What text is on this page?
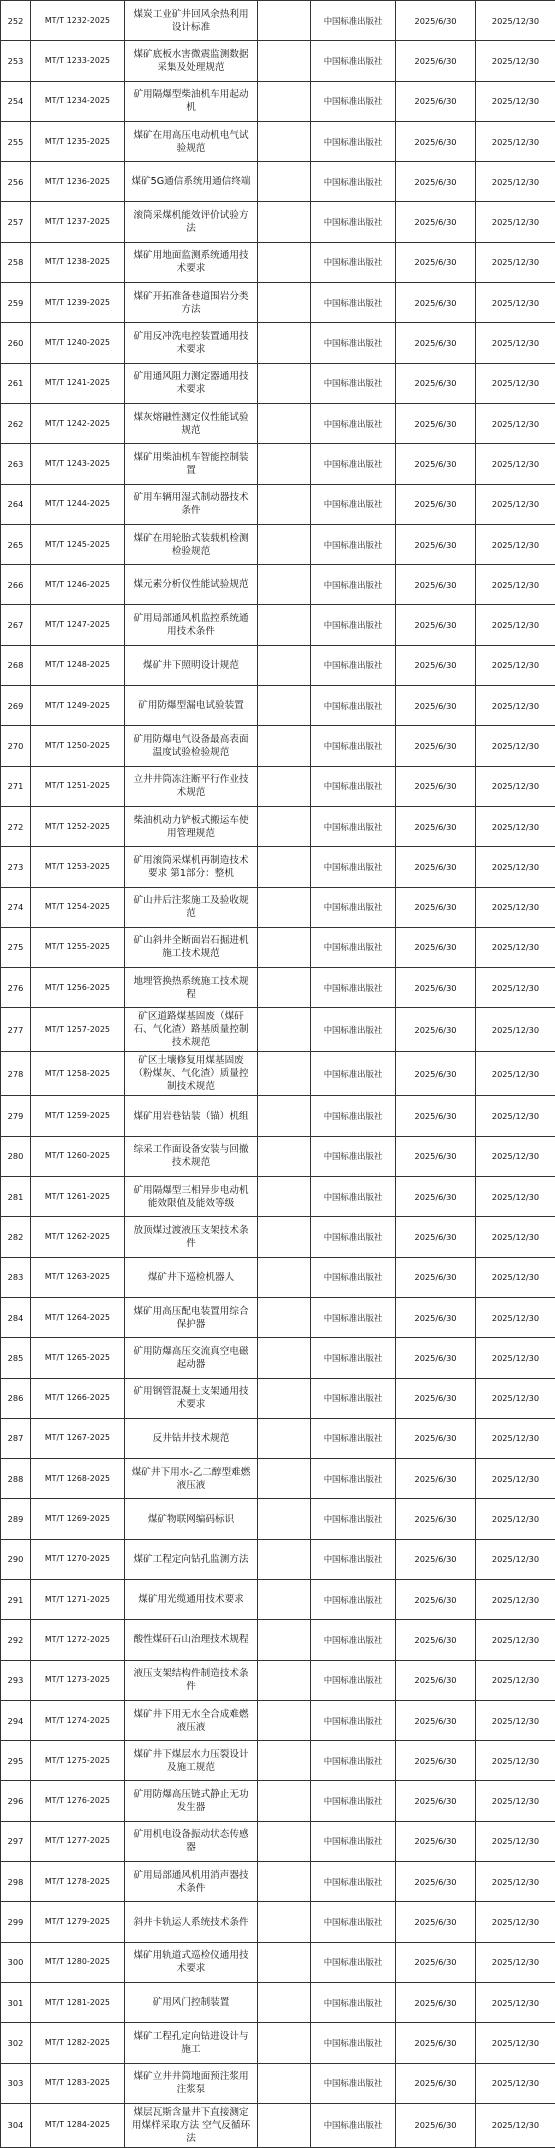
252	MT/T 1232-2025	煤炭工业矿井回风余热利用设计标准		中国标准出版社	2025/6/30	2025/12/30
253	MT/T 1233-2025	煤矿底板水害微震监测数据采集及处理规范		中国标准出版社	2025/6/30	2025/12/30
254	MT/T 1234-2025	矿用隔爆型柴油机车用起动机		中国标准出版社	2025/6/30	2025/12/30
255	MT/T 1235-2025	煤矿在用高压电动机电气试验规范		中国标准出版社	2025/6/30	2025/12/30
256	MT/T 1236-2025	煤矿5G通信系统用通信终端		中国标准出版社	2025/6/30	2025/12/30
257	MT/T 1237-2025	滚筒采煤机能效评价试验方法		中国标准出版社	2025/6/30	2025/12/30
258	MT/T 1238-2025	煤矿用地面监测系统通用技术要求		中国标准出版社	2025/6/30	2025/12/30
259	MT/T 1239-2025	煤矿开拓准备巷道围岩分类方法		中国标准出版社	2025/6/30	2025/12/30
260	MT/T 1240-2025	矿用反冲洗电控装置通用技术要求		中国标准出版社	2025/6/30	2025/12/30
261	MT/T 1241-2025	矿用通风阻力测定器通用技术要求		中国标准出版社	2025/6/30	2025/12/30
262	MT/T 1242-2025	煤灰熔融性测定仪性能试验规范		中国标准出版社	2025/6/30	2025/12/30
263	MT/T 1243-2025	煤矿用柴油机车智能控制装置		中国标准出版社	2025/6/30	2025/12/30
264	MT/T 1244-2025	矿用车辆用湿式制动器技术条件		中国标准出版社	2025/6/30	2025/12/30
265	MT/T 1245-2025	煤矿在用轮胎式装载机检测检验规范		中国标准出版社	2025/6/30	2025/12/30
266	MT/T 1246-2025	煤元素分析仪性能试验规范		中国标准出版社	2025/6/30	2025/12/30
267	MT/T 1247-2025	矿用局部通风机监控系统通用技术条件		中国标准出版社	2025/6/30	2025/12/30
268	MT/T 1248-2025	煤矿井下照明设计规范		中国标准出版社	2025/6/30	2025/12/30
269	MT/T 1249-2025	矿用防爆型漏电试验装置		中国标准出版社	2025/6/30	2025/12/30
270	MT/T 1250-2025	矿用防爆电气设备最高表面温度试验检验规范		中国标准出版社	2025/6/30	2025/12/30
271	MT/T 1251-2025	立井井筒冻注断平行作业技术规范		中国标准出版社	2025/6/30	2025/12/30
272	MT/T 1252-2025	柴油机动力铲板式搬运车使用管理规范		中国标准出版社	2025/6/30	2025/12/30
273	MT/T 1253-2025	矿用滚筒采煤机再制造技术要求 第1部分：整机		中国标准出版社	2025/6/30	2025/12/30
274	MT/T 1254-2025	矿山井后注浆施工及验收规范		中国标准出版社	2025/6/30	2025/12/30
275	MT/T 1255-2025	矿山斜井全断面岩石掘进机施工技术规范		中国标准出版社	2025/6/30	2025/12/30
276	MT/T 1256-2025	地埋管换热系统施工技术规程		中国标准出版社	2025/6/30	2025/12/30
277	MT/T 1257-2025	矿区道路煤基固废（煤矸石、气化渣）路基质量控制技术规范		中国标准出版社	2025/6/30	2025/12/30
278	MT/T 1258-2025	矿区土壤修复用煤基固废（粉煤灰、气化渣）质量控制技术规范		中国标准出版社	2025/6/30	2025/12/30
279	MT/T 1259-2025	煤矿用岩巷钻装（锚）机组		中国标准出版社	2025/6/30	2025/12/30
280	MT/T 1260-2025	综采工作面设备安装与回撤技术规范		中国标准出版社	2025/6/30	2025/12/30
281	MT/T 1261-2025	矿用隔爆型三相异步电动机能效限值及能效等级		中国标准出版社	2025/6/30	2025/12/30
282	MT/T 1262-2025	放顶煤过渡液压支架技术条件		中国标准出版社	2025/6/30	2025/12/30
283	MT/T 1263-2025	煤矿井下巡检机器人		中国标准出版社	2025/6/30	2025/12/30
284	MT/T 1264-2025	煤矿用高压配电装置用综合保护器		中国标准出版社	2025/6/30	2025/12/30
285	MT/T 1265-2025	矿用防爆高压交流真空电磁起动器		中国标准出版社	2025/6/30	2025/12/30
286	MT/T 1266-2025	矿用钢管混凝土支架通用技术要求		中国标准出版社	2025/6/30	2025/12/30
287	MT/T 1267-2025	反井钻井技术规范		中国标准出版社	2025/6/30	2025/12/30
288	MT/T 1268-2025	煤矿井下用水-乙二醇型难燃液压液		中国标准出版社	2025/6/30	2025/12/30
289	MT/T 1269-2025	煤矿物联网编码标识		中国标准出版社	2025/6/30	2025/12/30
290	MT/T 1270-2025	煤矿工程定向钻孔监测方法		中国标准出版社	2025/6/30	2025/12/30
291	MT/T 1271-2025	煤矿用光缆通用技术要求		中国标准出版社	2025/6/30	2025/12/30
292	MT/T 1272-2025	酸性煤矸石山治理技术规程		中国标准出版社	2025/6/30	2025/12/30
293	MT/T 1273-2025	液压支架结构件制造技术条件		中国标准出版社	2025/6/30	2025/12/30
294	MT/T 1274-2025	煤矿井下用无水全合成难燃液压液		中国标准出版社	2025/6/30	2025/12/30
295	MT/T 1275-2025	煤矿井下煤层水力压裂设计及施工规范		中国标准出版社	2025/6/30	2025/12/30
296	MT/T 1276-2025	矿用防爆高压链式静止无功发生器		中国标准出版社	2025/6/30	2025/12/30
297	MT/T 1277-2025	矿用机电设备振动状态传感器		中国标准出版社	2025/6/30	2025/12/30
298	MT/T 1278-2025	矿用局部通风机用消声器技术条件		中国标准出版社	2025/6/30	2025/12/30
299	MT/T 1279-2025	斜井卡轨运人系统技术条件		中国标准出版社	2025/6/30	2025/12/30
300	MT/T 1280-2025	煤矿用轨道式巡检仪通用技术要求		中国标准出版社	2025/6/30	2025/12/30
301	MT/T 1281-2025	矿用风门控制装置		中国标准出版社	2025/6/30	2025/12/30
302	MT/T 1282-2025	煤矿工程孔定向钻进设计与施工		中国标准出版社	2025/6/30	2025/12/30
303	MT/T 1283-2025	煤矿立井井筒地面预注浆用注浆泵		中国标准出版社	2025/6/30	2025/12/30
304	MT/T 1284-2025	煤层瓦斯含量井下直接测定用煤样采取方法 空气反循环法		中国标准出版社	2025/6/30	2025/12/30
